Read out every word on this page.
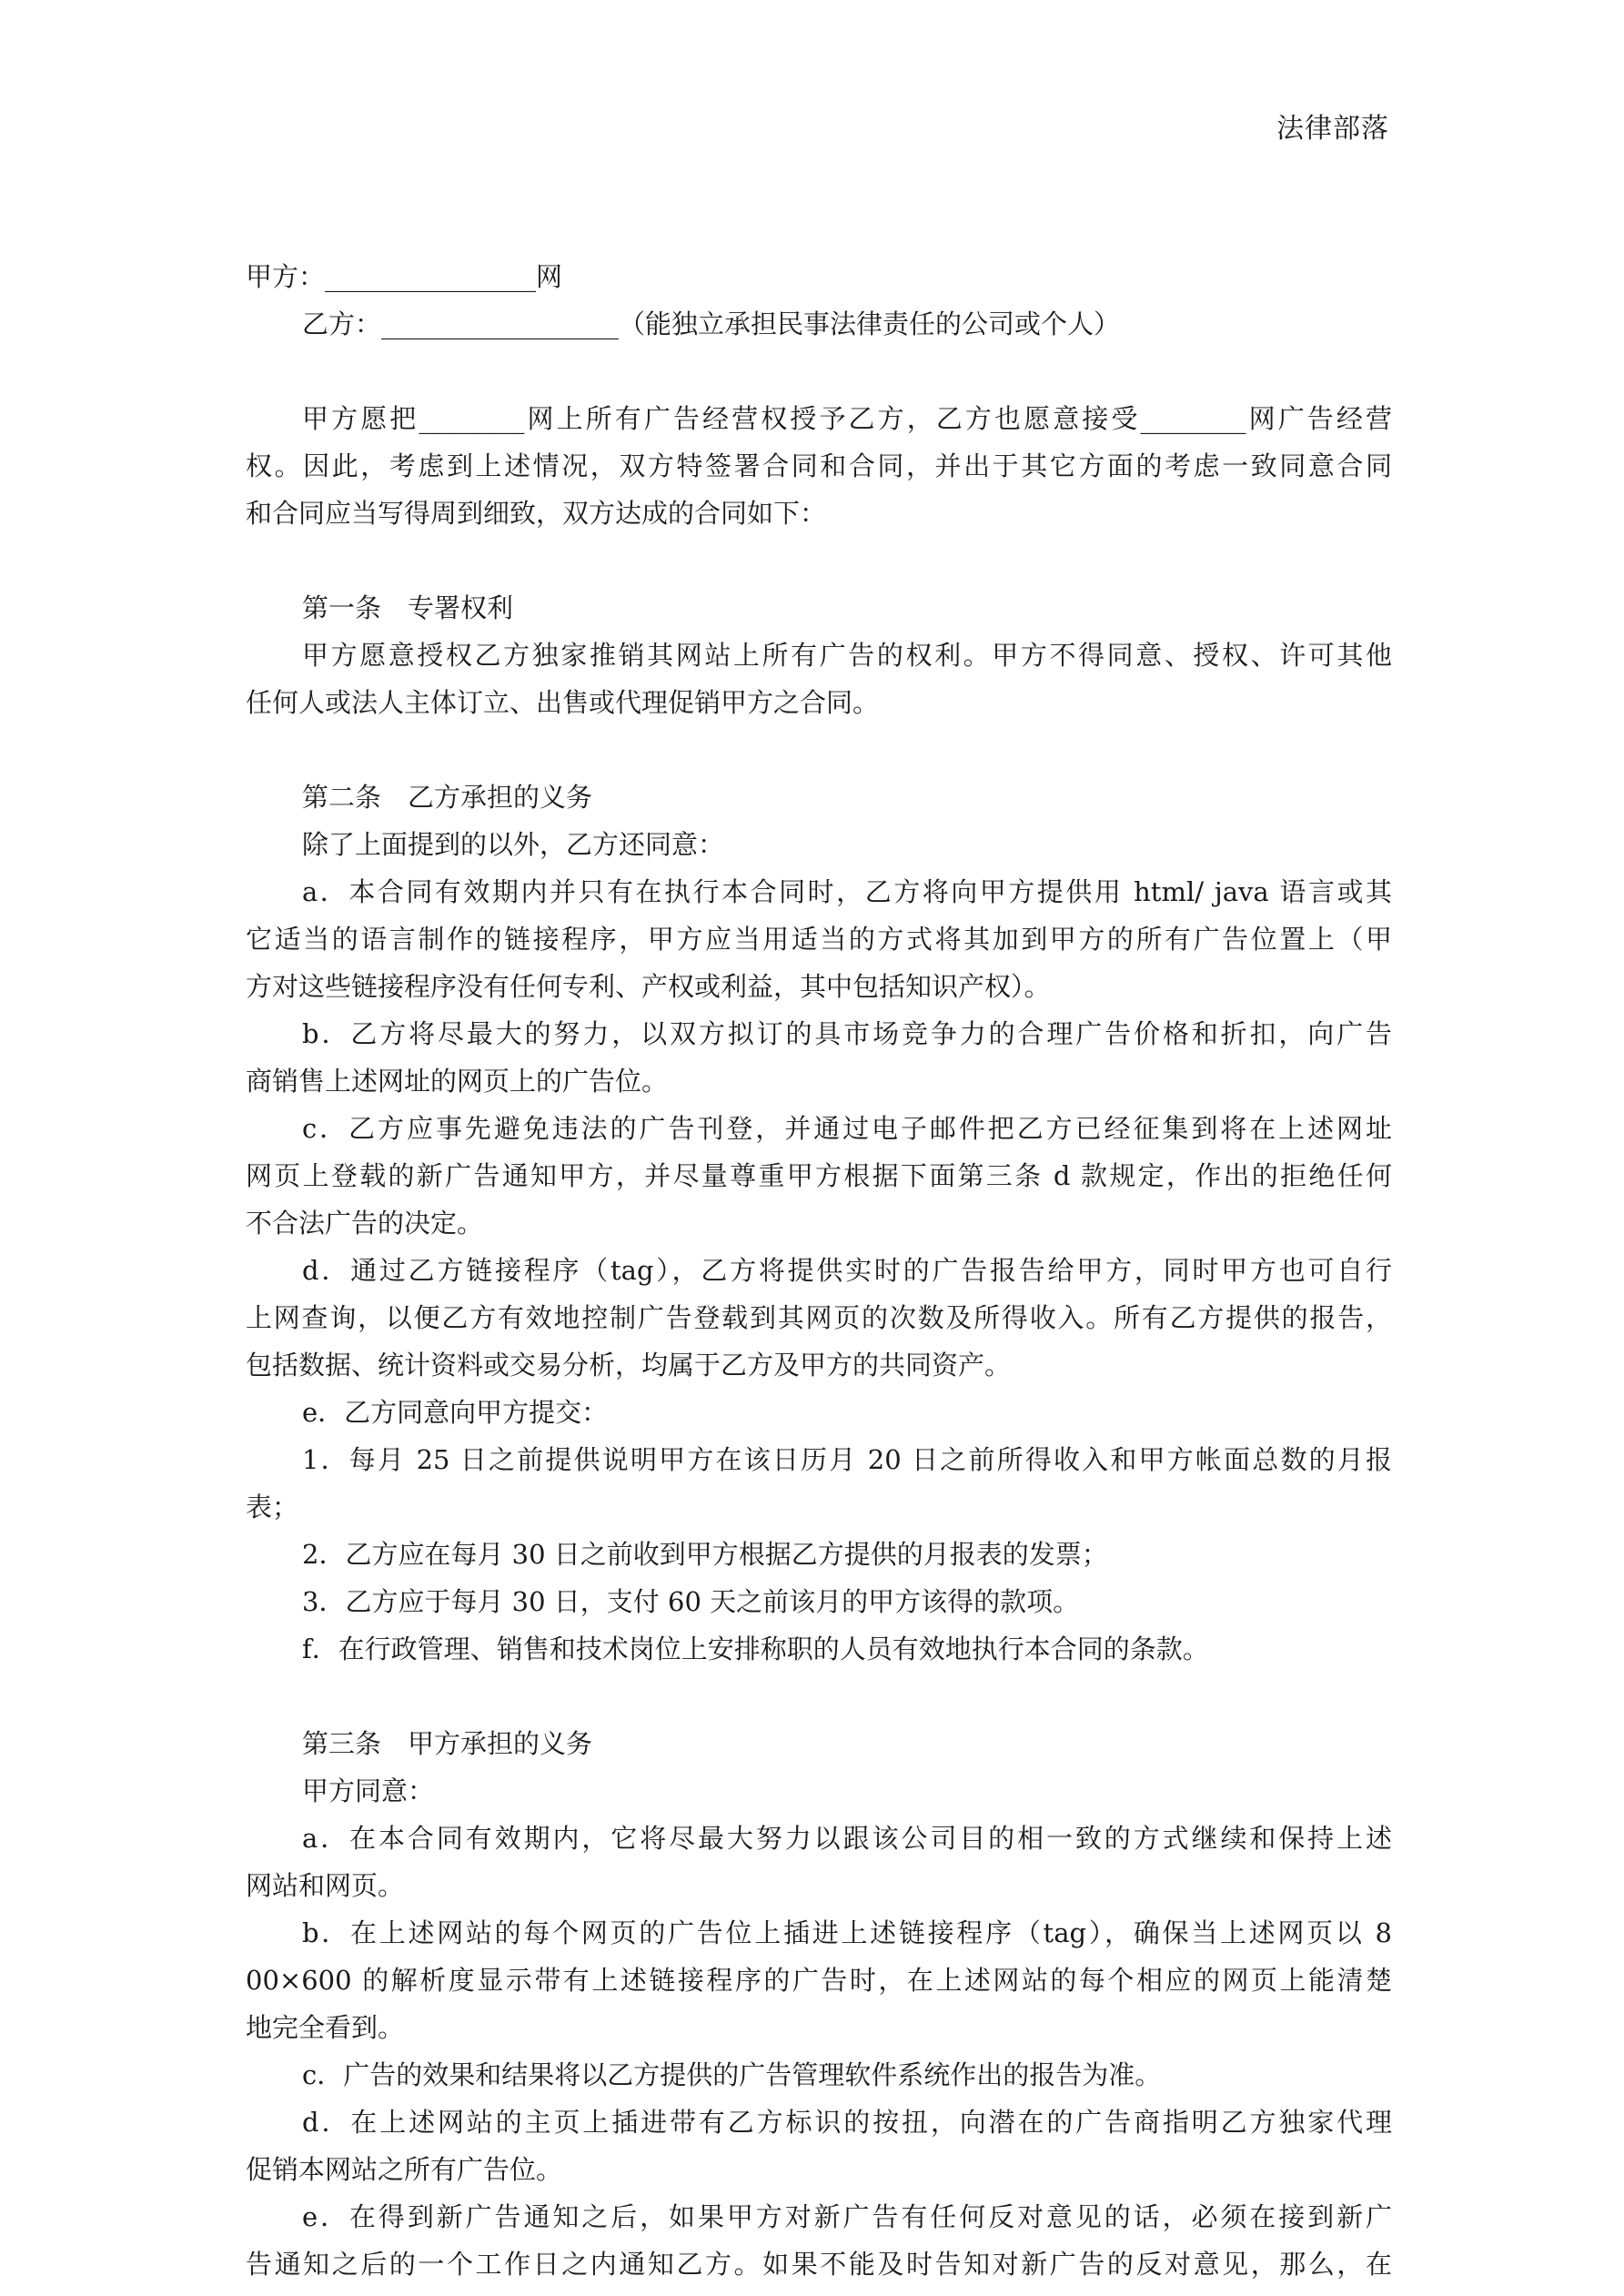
法律部落
甲方：________________网
乙方：__________________（能独立承担民事法律责任的公司或个人）
甲方愿把________网上所有广告经营权授予乙方，乙方也愿意接受________网广告经营
权。因此，考虑到上述情况，双方特签署合同和合同，并出于其它方面的考虑一致同意合同
和合同应当写得周到细致，双方达成的合同如下：
第一条　专署权利
甲方愿意授权乙方独家推销其网站上所有广告的权利。甲方不得同意、授权、许可其他
任何人或法人主体订立、出售或代理促销甲方之合同。
第二条　乙方承担的义务
除了上面提到的以外，乙方还同意：
a．本合同有效期内并只有在执行本合同时，乙方将向甲方提供用 html/ java 语言或其
它适当的语言制作的链接程序，甲方应当用适当的方式将其加到甲方的所有广告位置上（甲
方对这些链接程序没有任何专利、产权或利益，其中包括知识产权）。
b．乙方将尽最大的努力，以双方拟订的具市场竞争力的合理广告价格和折扣，向广告
商销售上述网址的网页上的广告位。
c．乙方应事先避免违法的广告刊登，并通过电子邮件把乙方已经征集到将在上述网址
网页上登载的新广告通知甲方，并尽量尊重甲方根据下面第三条 d 款规定，作出的拒绝任何
不合法广告的决定。
d．通过乙方链接程序（tag），乙方将提供实时的广告报告给甲方，同时甲方也可自行
上网查询，以便乙方有效地控制广告登载到其网页的次数及所得收入。所有乙方提供的报告，
包括数据、统计资料或交易分析，均属于乙方及甲方的共同资产。
e．乙方同意向甲方提交：
1．每月 25 日之前提供说明甲方在该日历月 20 日之前所得收入和甲方帐面总数的月报
表；
2．乙方应在每月 30 日之前收到甲方根据乙方提供的月报表的发票；
3．乙方应于每月 30 日，支付 60 天之前该月的甲方该得的款项。
f．在行政管理、销售和技术岗位上安排称职的人员有效地执行本合同的条款。
第三条　甲方承担的义务
甲方同意：
a．在本合同有效期内，它将尽最大努力以跟该公司目的相一致的方式继续和保持上述
网站和网页。
b．在上述网站的每个网页的广告位上插进上述链接程序（tag），确保当上述网页以 8
00×600 的解析度显示带有上述链接程序的广告时，在上述网站的每个相应的网页上能清楚
地完全看到。
c．广告的效果和结果将以乙方提供的广告管理软件系统作出的报告为准。
d．在上述网站的主页上插进带有乙方标识的按扭，向潜在的广告商指明乙方独家代理
促销本网站之所有广告位。
e．在得到新广告通知之后，如果甲方对新广告有任何反对意见的话，必须在接到新广
告通知之后的一个工作日之内通知乙方。如果不能及时告知对新广告的反对意见，那么，在
